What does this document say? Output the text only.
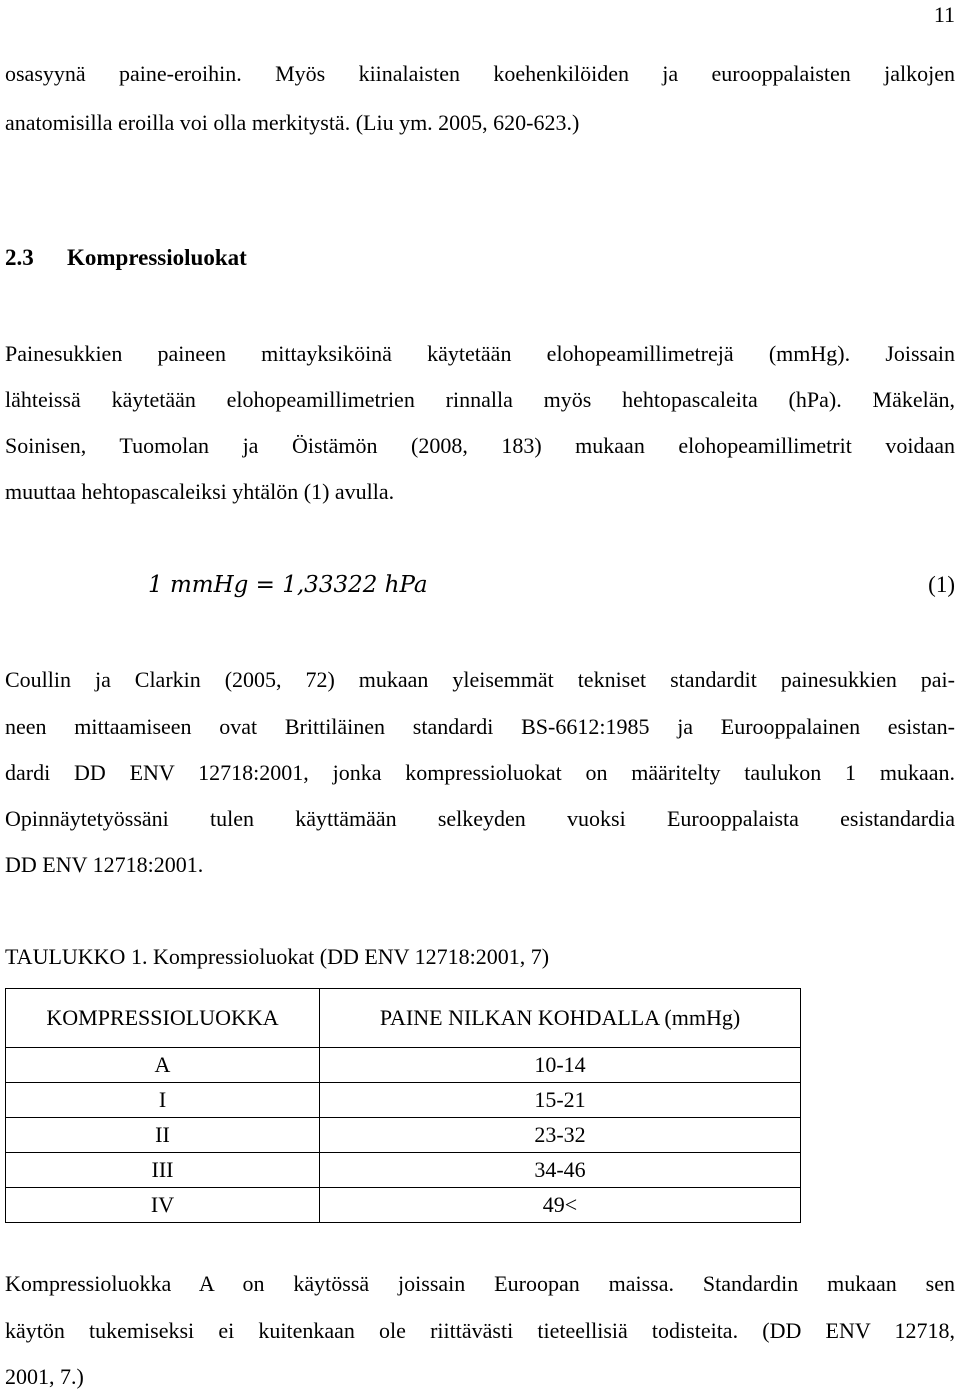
11
osasyynä paine-eroihin. Myös kiinalaisten koehenkilöiden ja eurooppalaisten jalkojen
anatomisilla eroilla voi olla merkitystä. (Liu ym. 2005, 620-623.)
2.3 Kompressioluokat
Painesukkien paineen mittayksiköinä käytetään elohopeamillimetrejä (mmHg). Joissain
lähteissä käytetään elohopeamillimetrien rinnalla myös hehtopascaleita (hPa). Mäkelän,
Soinisen, Tuomolan ja Öistämön (2008, 183) mukaan elohopeamillimetrit voidaan
muuttaa hehtopascaleiksi yhtälön (1) avulla.
1 mmHg = 1,33322 hPa	(1)
Coullin ja Clarkin (2005, 72) mukaan yleisemmät tekniset standardit painesukkien pai-
neen mittaamiseen ovat Brittiläinen standardi BS-6612:1985 ja Eurooppalainen esistan-
dardi DD ENV 12718:2001, jonka kompressioluokat on määritelty taulukon 1 mukaan.
Opinnäytetyössäni tulen käyttämään selkeyden vuoksi Eurooppalaista esistandardia
DD ENV 12718:2001.
TAULUKKO 1. Kompressioluokat (DD ENV 12718:2001, 7)
KOMPRESSIOLUOKKA	PAINE NILKAN KOHDALLA (mmHg)
A	10-14
I	15-21
II	23-32
III	34-46
IV	49<
Kompressioluokka A on käytössä joissain Euroopan maissa. Standardin mukaan sen
käytön tukemiseksi ei kuitenkaan ole riittävästi tieteellisiä todisteita. (DD ENV 12718,
2001, 7.)
